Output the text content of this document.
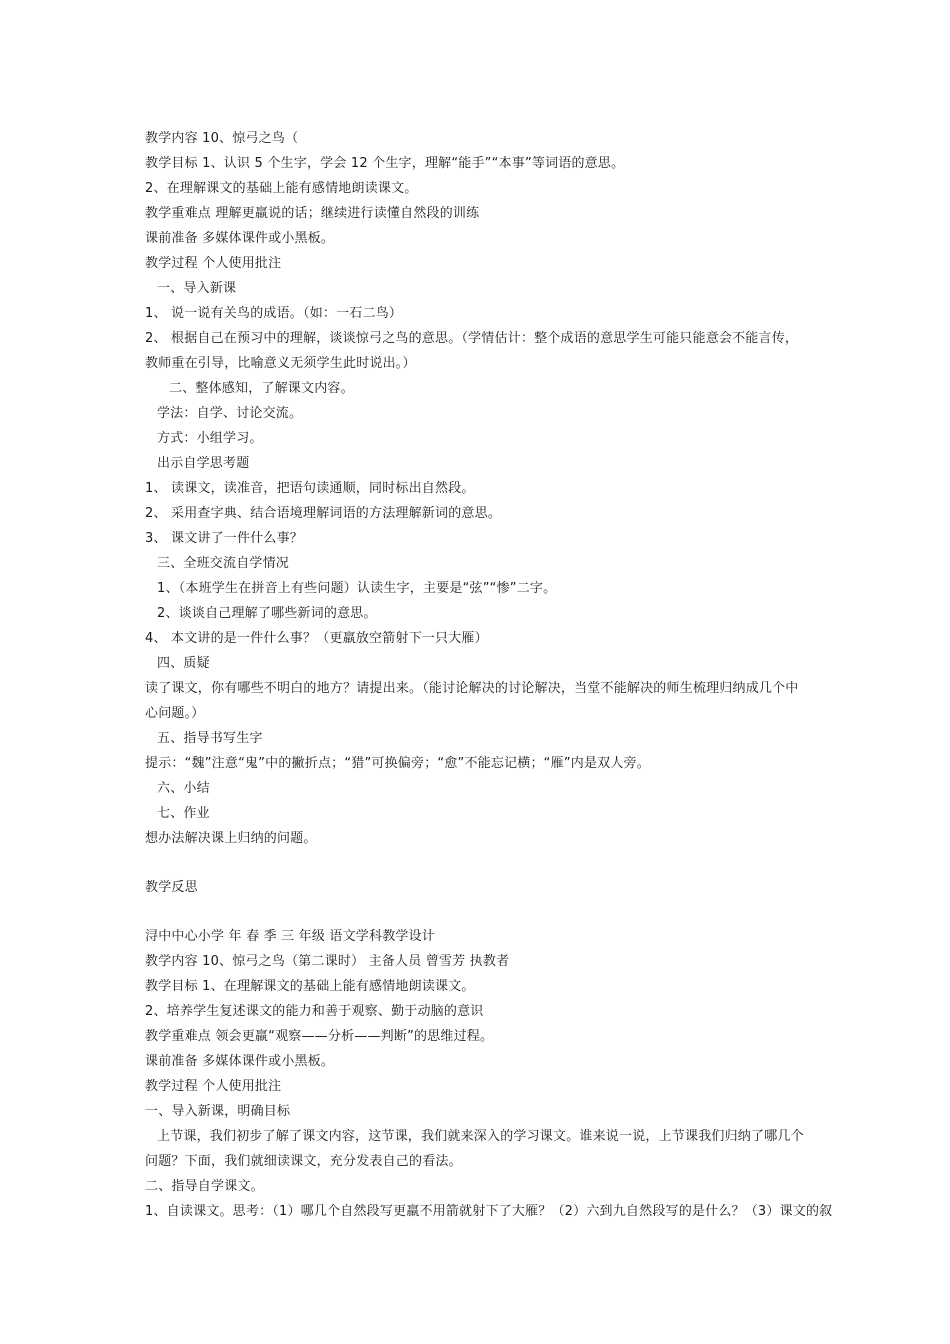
教学内容 10、惊弓之鸟（
教学目标 1、认识 5 个生字，学会 12 个生字，理解“能手”“本事”等词语的意思。
2、在理解课文的基础上能有感情地朗读课文。
教学重难点 理解更羸说的话；继续进行读懂自然段的训练
课前准备 多媒体课件或小黑板。
教学过程 个人使用批注
一、导入新课
1、 说一说有关鸟的成语。（如：一石二鸟）
2、 根据自己在预习中的理解，谈谈惊弓之鸟的意思。（学情估计：整个成语的意思学生可能只能意会不能言传，
教师重在引导，比喻意义无须学生此时说出。）
二、整体感知，了解课文内容。
学法：自学、讨论交流。
方式：小组学习。
出示自学思考题
1、 读课文，读准音，把语句读通顺，同时标出自然段。
2、 采用查字典、结合语境理解词语的方法理解新词的意思。
3、 课文讲了一件什么事？
三、全班交流自学情况
1、（本班学生在拼音上有些问题）认读生字，主要是“弦”“惨”二字。
2、谈谈自己理解了哪些新词的意思。
4、 本文讲的是一件什么事？（更羸放空箭射下一只大雁）
四、质疑
读了课文，你有哪些不明白的地方？请提出来。（能讨论解决的讨论解决，当堂不能解决的师生梳理归纳成几个中
心问题。）
五、指导书写生字
提示：“魏”注意“鬼”中的撇折点；“猎”可换偏旁；“愈”不能忘记横；“雁”内是双人旁。
六、小结
七、作业
想办法解决课上归纳的问题。
教学反思
浔中中心小学 年 春 季 三 年级 语文学科教学设计
教学内容 10、惊弓之鸟（第二课时） 主备人员 曾雪芳 执教者
教学目标 1、在理解课文的基础上能有感情地朗读课文。
2、培养学生复述课文的能力和善于观察、勤于动脑的意识
教学重难点 领会更羸“观察——分析——判断”的思维过程。
课前准备 多媒体课件或小黑板。
教学过程 个人使用批注
一、导入新课，明确目标
上节课，我们初步了解了课文内容，这节课，我们就来深入的学习课文。谁来说一说，上节课我们归纳了哪几个
问题？下面，我们就细读课文，充分发表自己的看法。
二、指导自学课文。
1、自读课文。思考：（1）哪几个自然段写更羸不用箭就射下了大雁？（2）六到九自然段写的是什么？（3）课文的叙
